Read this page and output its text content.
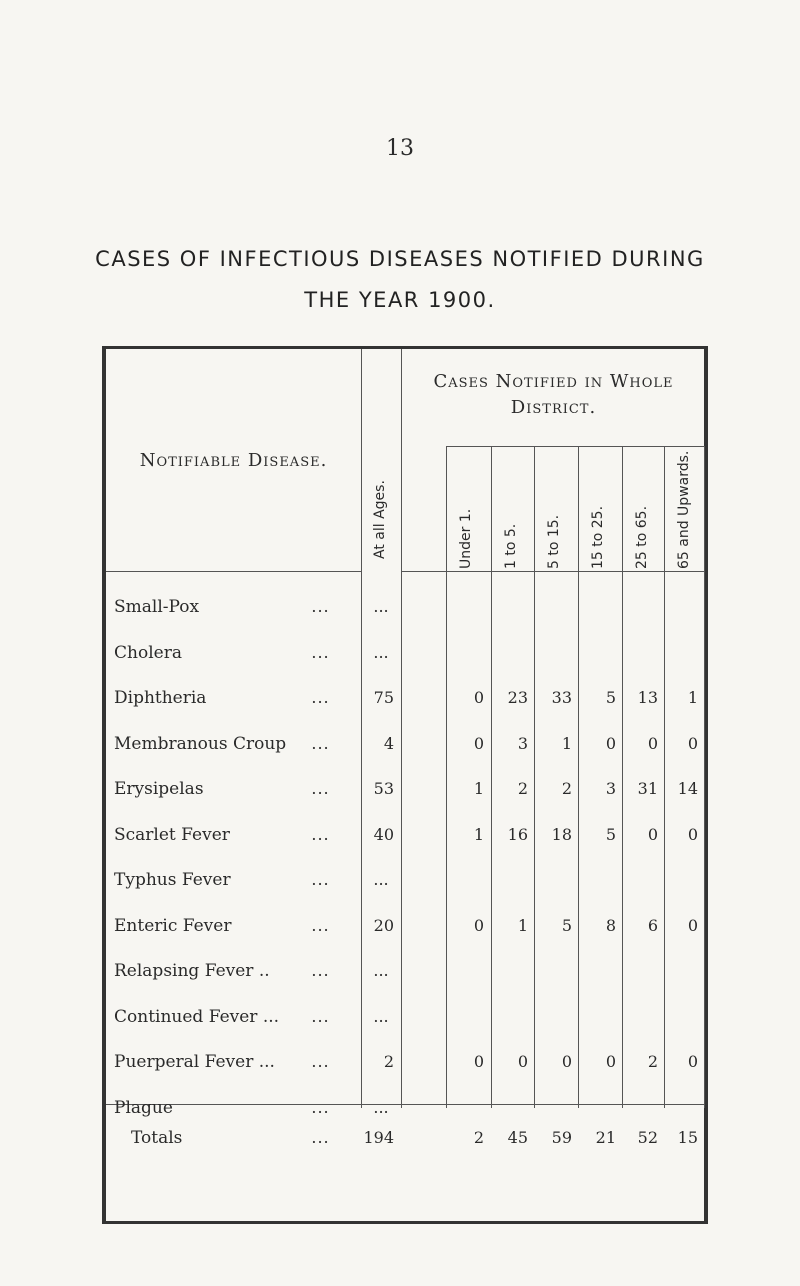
13
CASES OF INFECTIOUS DISEASES NOTIFIED DURING
THE YEAR 1900.
Notifiable Disease.
Cases Notified in Whole
District.
At all Ages.	Under 1. 1 to 5. 5 to 15. 15 to 25. 25 to 65. 65 and Upwards.
Small-Pox	...	...
Cholera	...	...
Diphtheria	...	75	0	23	33	5	13	1
Membranous Croup	...	4	0	3	1	0	0	0
Erysipelas	...	53	1	2	2	3	31	14
Scarlet Fever	...	40	1	16	18	5	0	0
Typhus Fever	...	...
Enteric Fever	...	20	0	1	5	8	6	0
Relapsing Fever ..	...	...
Continued Fever ...	...	...
Puerperal Fever ...	...	2	0	0	0	0	2	0
Plague	...	...
Totals	...	194	2	45	59	21	52	15
